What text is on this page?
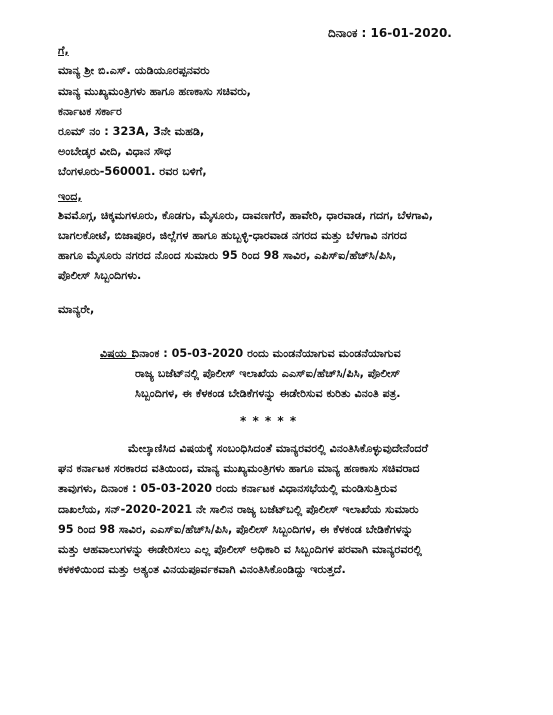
ದಿನಾಂಕ : 16-01-2020.
ಗೆ,
ಮಾನ್ಯ ಶ್ರೀ ಬಿ.ಎಸ್. ಯಡಿಯೂರಪ್ಪನವರು
ಮಾನ್ಯ ಮುಖ್ಯಮಂತ್ರಿಗಳು ಹಾಗೂ ಹಣಕಾಸು ಸಚಿವರು,
ಕರ್ನಾಟಕ ಸರ್ಕಾರ
ರೂಮ್ ನಂ : 323A, 3ನೇ ಮಹಡಿ,
ಅಂಬೇಡ್ಕರ ವೀದಿ, ವಿಧಾನ ಸೌಧ
ಬೆಂಗಳೂರು-560001. ರವರ ಬಳಿಗೆ,
ಇಂದ,
ಶಿವಮೊಗ್ಗ, ಚಿಕ್ಕಮಗಳೂರು, ಕೊಡಗು, ಮೈಸೂರು, ದಾವಣಗೆರೆ, ಹಾವೇರಿ, ಧಾರವಾಡ, ಗದಗ, ಬೆಳಗಾವಿ,
ಬಾಗಲಕೋಟೆ, ಬಿಜಾಪೂರ, ಜಿಲ್ಲೆಗಳ ಹಾಗೂ ಹುಬ್ಬಳ್ಳಿ-ಧಾರವಾಡ ನಗರದ ಮತ್ತು ಬೆಳಗಾವಿ ನಗರದ
ಹಾಗೂ ಮೈಸೂರು ನಗರದ ನೊಂದ ಸುಮಾರು 95 ರಿಂದ 98 ಸಾವಿರ, ಎಪಿಸ್‌ಐ/ಹೆಚ್‌ಸಿ/ಪಿಸಿ,
ಪೊಲೀಸ್ ಸಿಬ್ಬಂದಿಗಳು.
ಮಾನ್ಯರೇ,
ವಿಷಯ :
ದಿನಾಂಕ : 05-03-2020 ರಂದು ಮಂಡನೆಯಾಗುವ ಮಂಡನೆಯಾಗುವ
ರಾಜ್ಯ ಬಜೆಟ್‌ನಲ್ಲಿ ಪೊಲೀಸ್ ಇಲಾಖೆಯ ಎಎಸ್‌ಐ/ಹೆಚ್‌ಸಿ/ಪಿಸಿ, ಪೊಲೀಸ್
ಸಿಬ್ಬಂದಿಗಳ, ಈ ಕೆಳಕಂಡ ಬೇಡಿಕೆಗಳನ್ನು ಈಡೇರಿಸುವ ಕುರಿತು ವಿನಂತಿ ಪತ್ರ.
* * * * *
ಮೇಲ್ಕಾಣಿಸಿದ ವಿಷಯಕ್ಕೆ ಸಂಬಂಧಿಸಿದಂತೆ ಮಾನ್ಯರವರಲ್ಲಿ ವಿನಂತಿಸಿಕೊಳ್ಳುವುದೇನೆಂದರೆ
ಘನ ಕರ್ನಾಟಕ ಸರಕಾರದ ವತಿಯಿಂದ, ಮಾನ್ಯ ಮುಖ್ಯಮಂತ್ರಿಗಳು ಹಾಗೂ ಮಾನ್ಯ ಹಣಕಾಸು ಸಚಿವರಾದ
ತಾವುಗಳು, ದಿನಾಂಕ : 05-03-2020 ರಂದು ಕರ್ನಾಟಕ ವಿಧಾನಸಭೆಯಲ್ಲಿ ಮಂಡಿಸುತ್ತಿರುವ
ದಾಖಲೆಯ, ಸನ್-2020-2021 ನೇ ಸಾಲಿನ ರಾಜ್ಯ ಬಜೆಟ್‌ಬಲ್ಲಿ ಪೊಲೀಸ್ ಇಲಾಖೆಯ ಸುಮಾರು
95 ರಿಂದ 98 ಸಾವಿರ, ಎಎಸ್‌ಐ/ಹೆಚ್‌ಸಿ/ಪಿಸಿ, ಪೊಲೀಸ್ ಸಿಬ್ಬಂದಿಗಳ, ಈ ಕೆಳಕಂಡ ಬೇಡಿಕೆಗಳನ್ನು
ಮತ್ತು ಆಹವಾಲುಗಳನ್ನು ಈಡೇರಿಸಲು ಎಲ್ಲ ಪೊಲೀಸ್ ಅಧಿಕಾರಿ ವ ಸಿಬ್ಬಂದಿಗಳ ಪರವಾಗಿ ಮಾನ್ಯರವರಲ್ಲಿ
ಕಳಕಳಿಯಿಂದ ಮತ್ತು ಅತ್ಯಂತ ವಿನಯಪೂರ್ವಕವಾಗಿ ವಿನಂತಿಸಿಕೊಂಡಿದ್ದು ಇರುತ್ತದೆ.
